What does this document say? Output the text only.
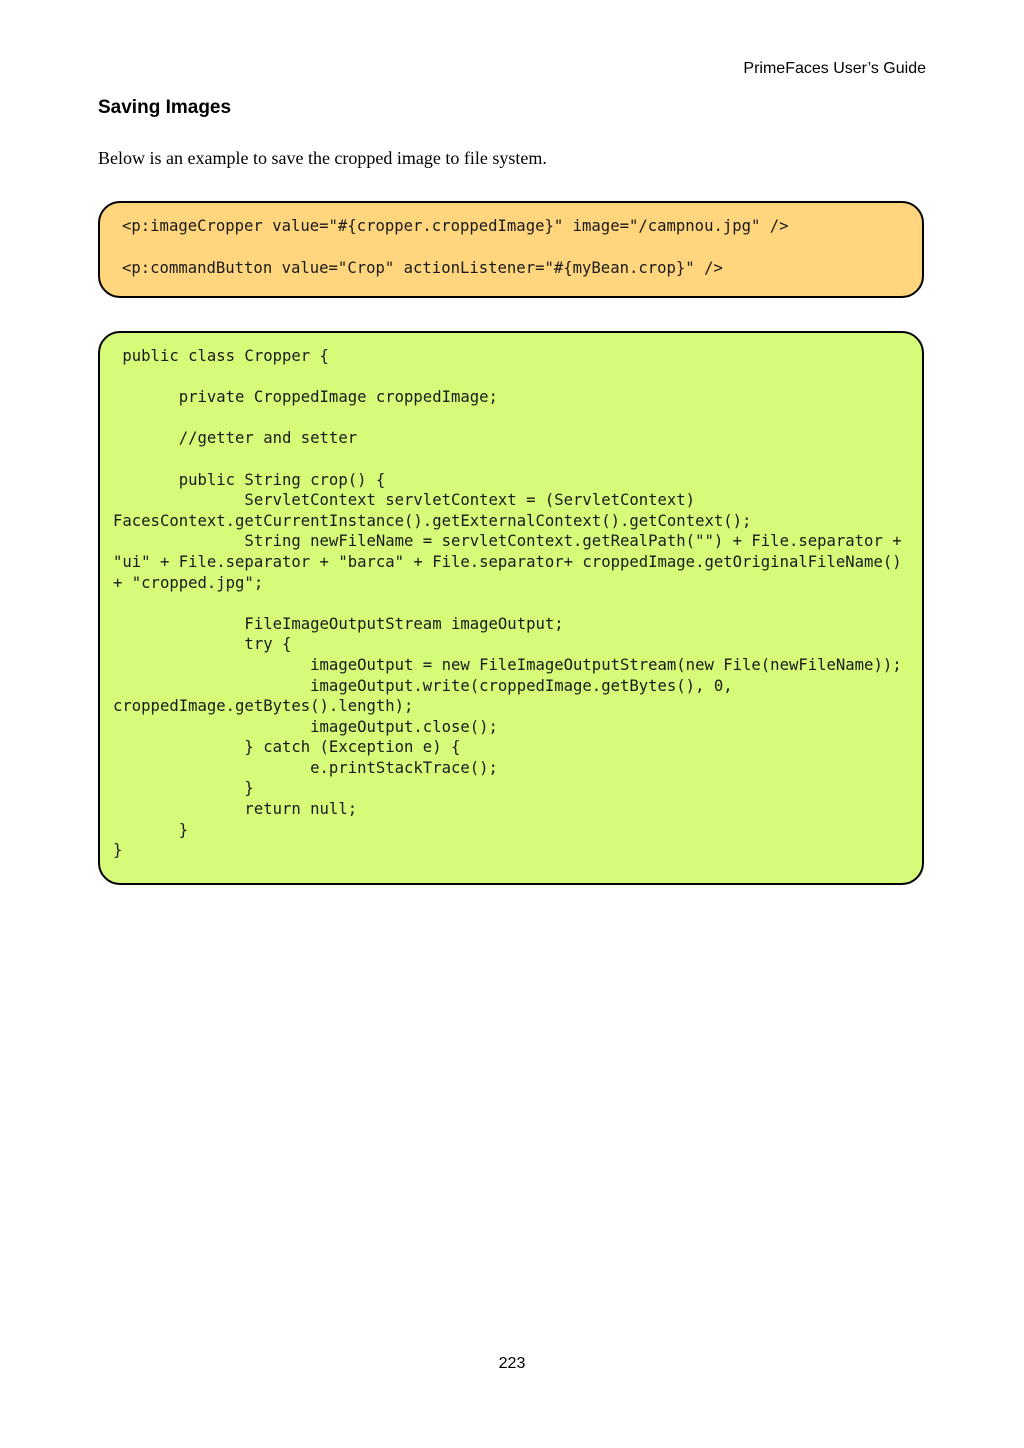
PrimeFaces User’s Guide
Saving Images
Below is an example to save the cropped image to file system.
<p:imageCropper value="#{cropper.croppedImage}" image="/campnou.jpg" />

<p:commandButton value="Crop" actionListener="#{myBean.crop}" />
public class Cropper {

private CroppedImage croppedImage;

//getter and setter

public String crop() {
ServletContext servletContext = (ServletContext)
FacesContext.getCurrentInstance().getExternalContext().getContext();
String newFileName = servletContext.getRealPath("") + File.separator +
"ui" + File.separator + "barca" + File.separator+ croppedImage.getOriginalFileName()
+ "cropped.jpg";

FileImageOutputStream imageOutput;
try {
imageOutput = new FileImageOutputStream(new File(newFileName));
imageOutput.write(croppedImage.getBytes(), 0,
croppedImage.getBytes().length);
imageOutput.close();
} catch (Exception e) {
e.printStackTrace();
}
return null;
}
}
223
